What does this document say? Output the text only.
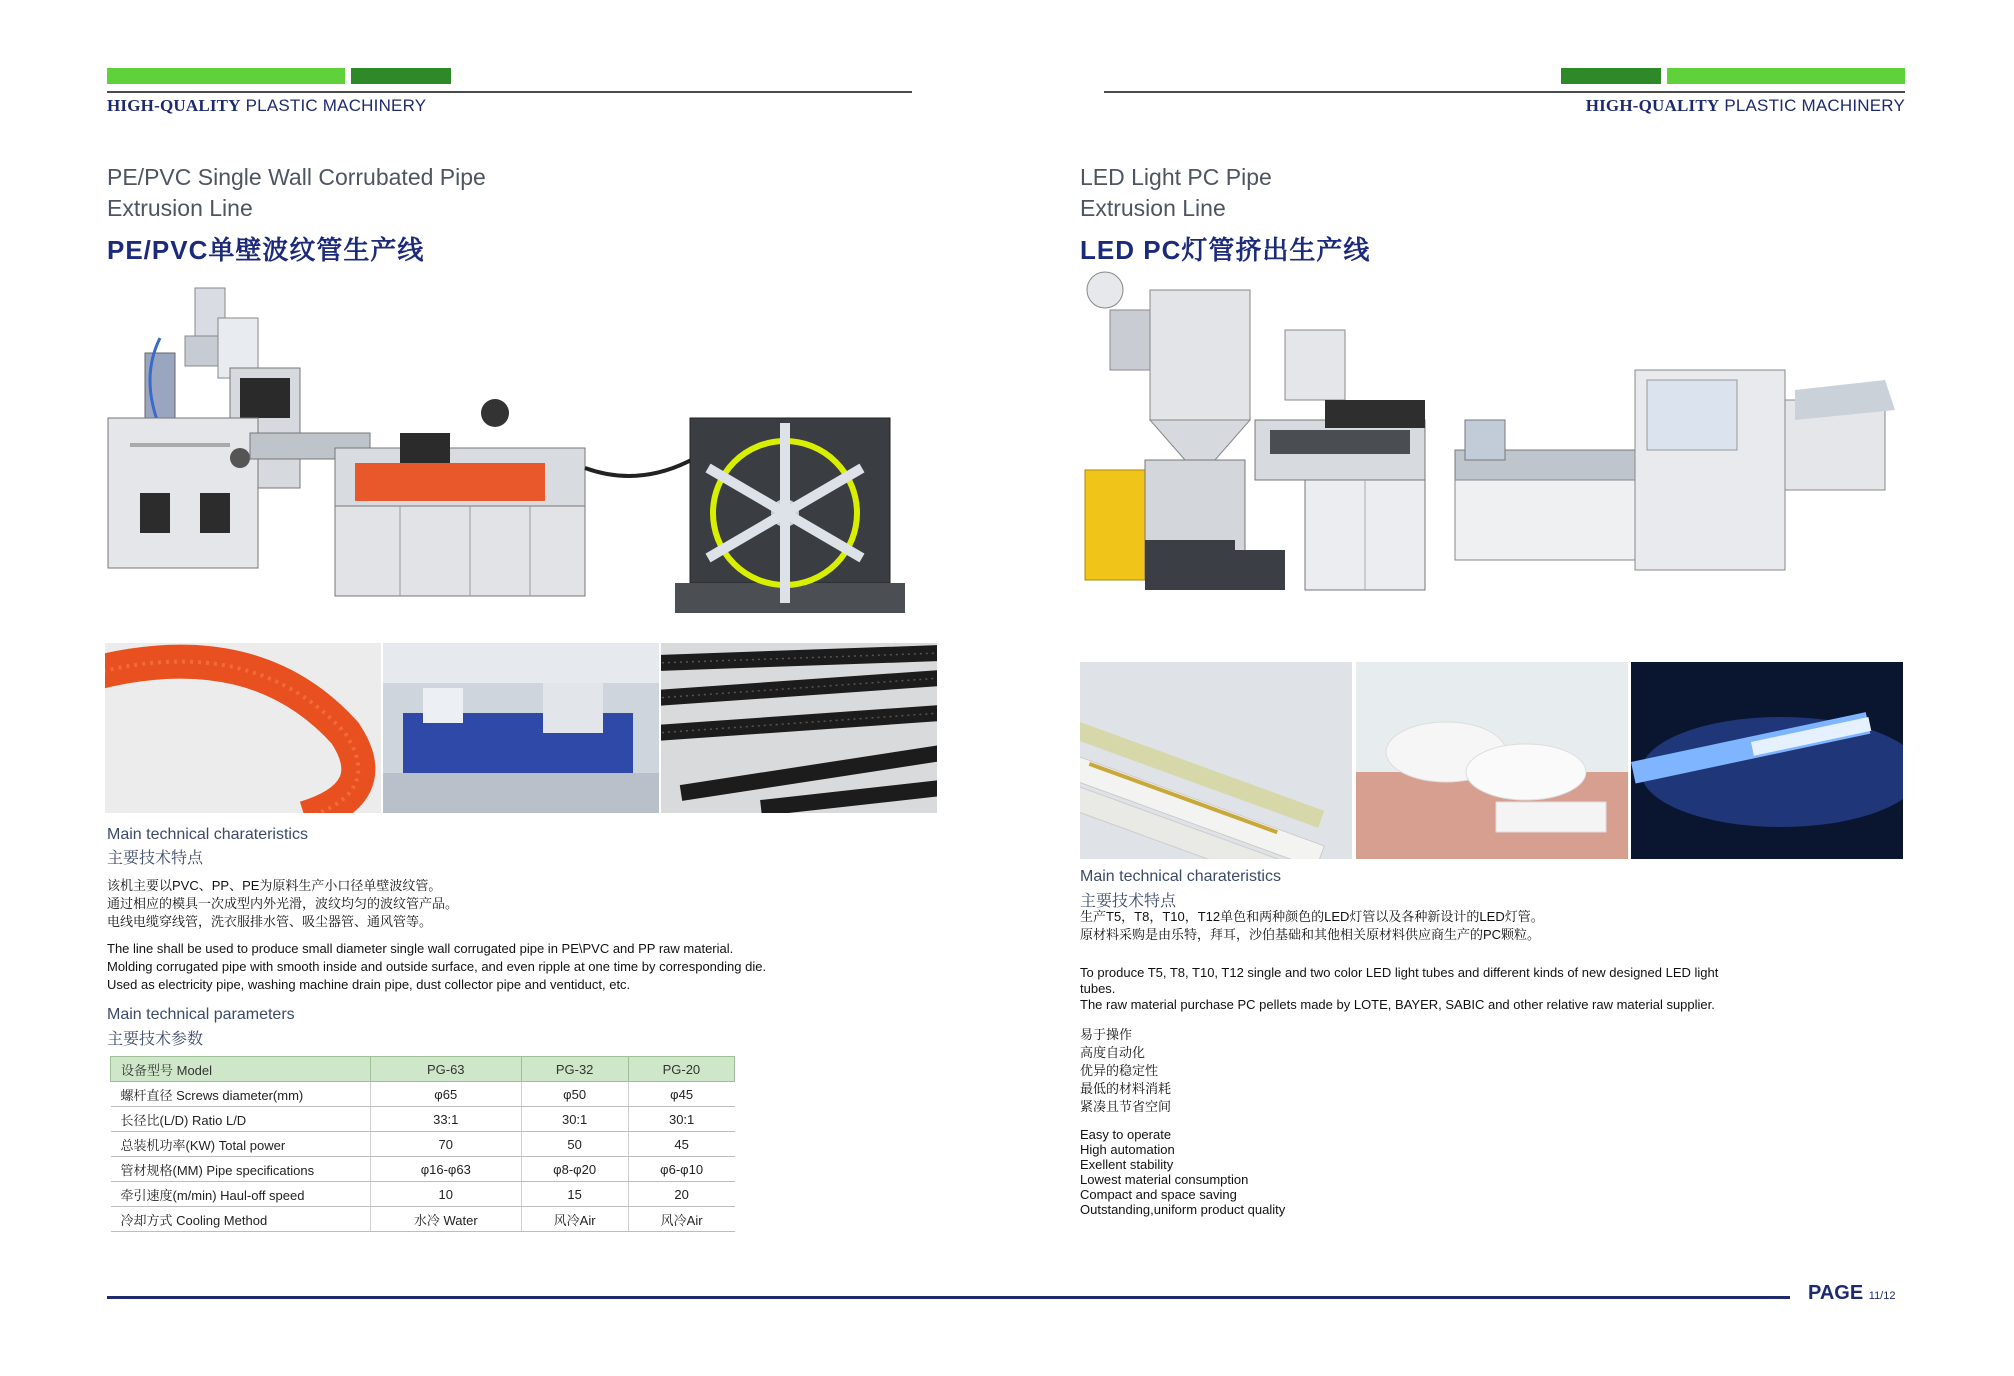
HIGH-QUALITY PLASTIC MACHINERY
PE/PVC Single Wall Corrubated Pipe
Extrusion Line
PE/PVC单壁波纹管生产线
Main technical charateristics
主要技术特点
该机主要以PVC、PP、PE为原料生产小口径单壁波纹管。
通过相应的模具一次成型内外光滑，波纹均匀的波纹管产品。
电线电缆穿线管，洗衣服排水管、吸尘器管、通风管等。
The line shall be used to produce small diameter single wall corrugated pipe in PE\PVC and PP raw material.
Molding corrugated pipe with smooth inside and outside surface, and even ripple at one time by corresponding die.
Used as electricity pipe, washing machine drain pipe, dust collector pipe and ventiduct, etc.
Main technical parameters
主要技术参数
设备型号 Model	PG-63	PG-32	PG-20
螺杆直径 Screws diameter(mm)	φ65	φ50	φ45
长径比(L/D) Ratio L/D	33:1	30:1	30:1
总装机功率(KW) Total power	70	50	45
管材规格(MM) Pipe specifications	φ16-φ63	φ8-φ20	φ6-φ10
牵引速度(m/min) Haul-off speed	10	15	20
冷却方式 Cooling Method	水冷 Water	风冷Air	风冷Air
HIGH-QUALITY PLASTIC MACHINERY
LED Light PC Pipe
Extrusion Line
LED PC灯管挤出生产线
Main technical charateristics
主要技术特点
生产T5，T8，T10，T12单色和两种颜色的LED灯管以及各种新设计的LED灯管。
原材料采购是由乐特，拜耳，沙伯基础和其他相关原材料供应商生产的PC颗粒。
To produce T5, T8, T10, T12 single and two color LED light tubes and different kinds of new designed LED light
tubes.
The raw material purchase PC pellets made by LOTE, BAYER, SABIC and other relative raw material supplier.
易于操作
高度自动化
优异的稳定性
最低的材料消耗
紧凑且节省空间
Easy to operate
High automation
Exellent stability
Lowest material consumption
Compact and space saving
Outstanding,uniform product quality
PAGE 11/12
